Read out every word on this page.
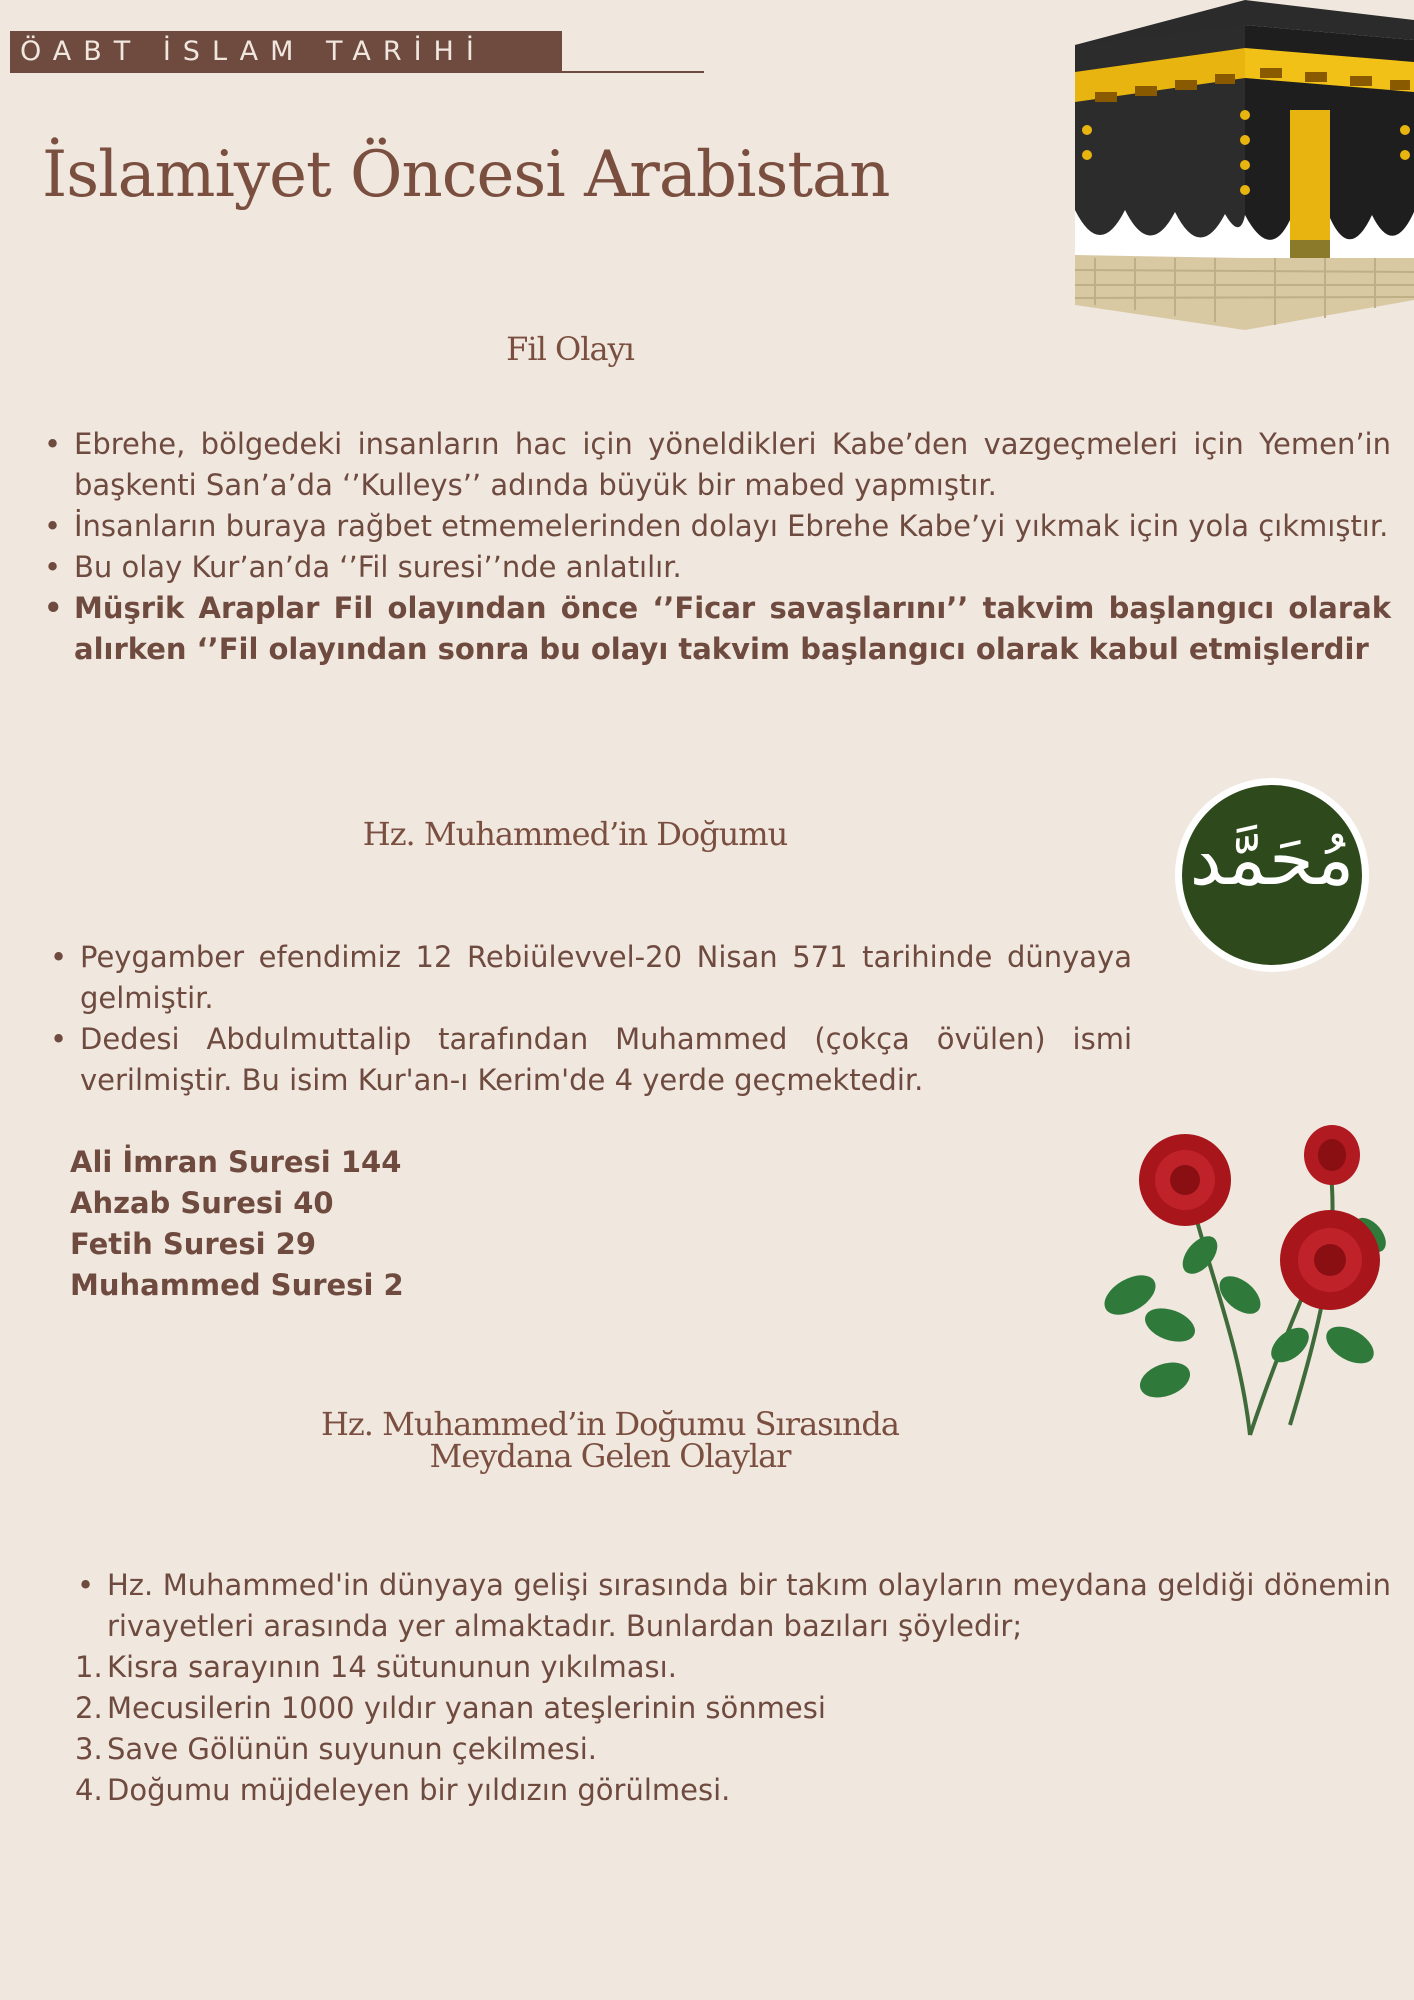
ÖABT İSLAM TARİHİ
İslamiyet Öncesi Arabistan
Fil Olayı
• Ebrehe, bölgedeki insanların hac için yöneldikleri Kabe’den vazgeçmeleri için Yemen’in başkenti San’a’da ‘’Kulleys’’ adında büyük bir mabed yapmıştır.
• İnsanların buraya rağbet etmemelerinden dolayı Ebrehe Kabe’yi yıkmak için yola çıkmıştır.
• Bu olay Kur’an’da ‘’Fil suresi’’nde anlatılır.
• Müşrik Araplar Fil olayından önce ‘’Ficar savaşlarını’’ takvim başlangıcı olarak alırken ‘’Fil olayından sonra bu olayı takvim başlangıcı olarak kabul etmişlerdir
Hz. Muhammed’in Doğumu	مُحَمَّد
• Peygamber efendimiz 12 Rebiülevvel-20 Nisan 571 tarihinde dünyaya gelmiştir.
• Dedesi Abdulmuttalip tarafından Muhammed (çokça övülen) ismi verilmiştir. Bu isim Kur'an-ı Kerim'de 4 yerde geçmektedir.
Ali İmran Suresi 144
Ahzab Suresi 40
Fetih Suresi 29
Muhammed Suresi 2
Hz. Muhammed’in Doğumu Sırasında
Meydana Gelen Olaylar
• Hz. Muhammed'in dünyaya gelişi sırasında bir takım olayların meydana geldiği dönemin rivayetleri arasında yer almaktadır. Bunlardan bazıları şöyledir;
1. Kisra sarayının 14 sütununun yıkılması.
2. Mecusilerin 1000 yıldır yanan ateşlerinin sönmesi
3. Save Gölünün suyunun çekilmesi.
4. Doğumu müjdeleyen bir yıldızın görülmesi.
